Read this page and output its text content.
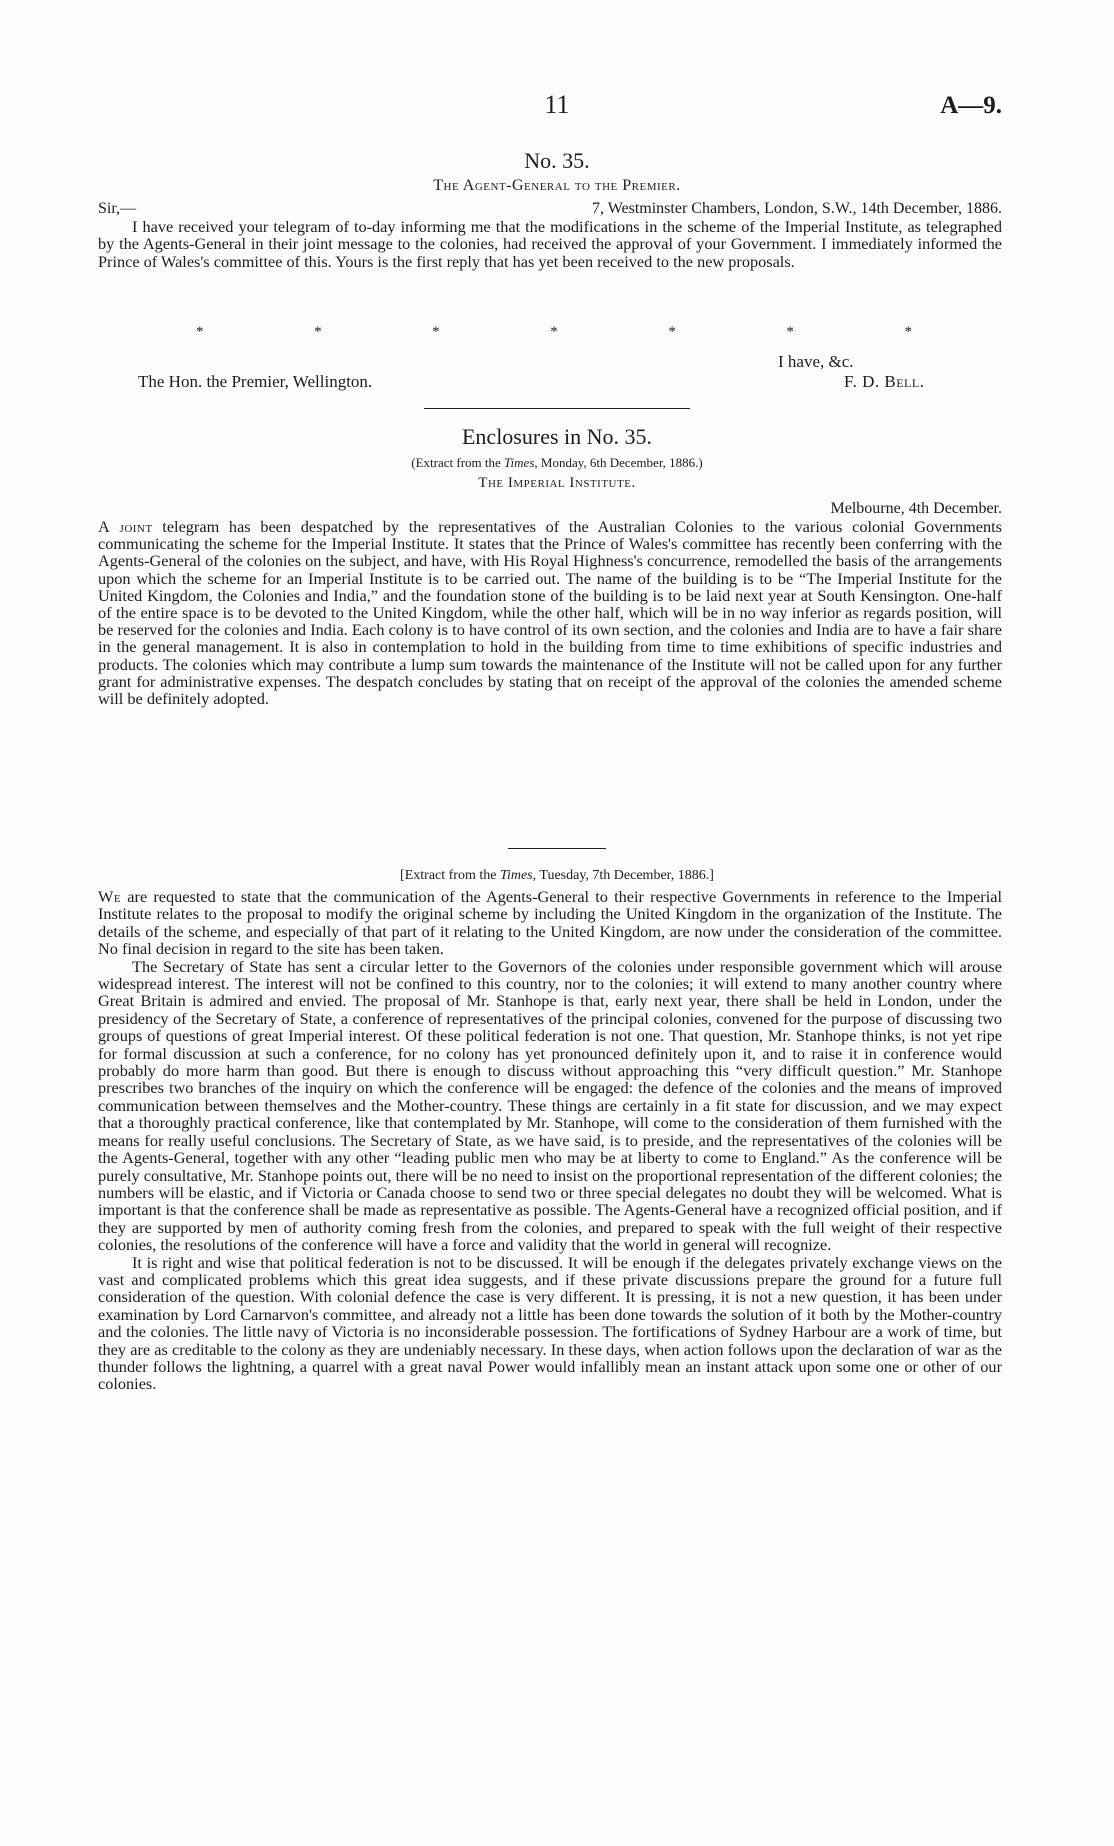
11	A—9.
No. 35.
The Agent-General to the Premier.
Sir,—	7, Westminster Chambers, London, S.W., 14th December, 1886.

I have received your telegram of to-day informing me that the modifications in the scheme of the Imperial Institute, as telegraphed by the Agents-General in their joint message to the colonies, had received the approval of your Government. I immediately informed the Prince of Wales's committee of this. Yours is the first reply that has yet been received to the new proposals.

*	*	*	*	*	*	*
I have, &c.
The Hon. the Premier, Wellington.	F. D. Bell.
Enclosures in No. 35.
(Extract from the Times, Monday, 6th December, 1886.)
The Imperial Institute.
Melbourne, 4th December.

A joint telegram has been despatched by the representatives of the Australian Colonies to the various colonial Governments communicating the scheme for the Imperial Institute. It states that the Prince of Wales's committee has recently been conferring with the Agents-General of the colonies on the subject, and have, with His Royal Highness's concurrence, remodelled the basis of the arrangements upon which the scheme for an Imperial Institute is to be carried out. The name of the building is to be “The Imperial Institute for the United Kingdom, the Colonies and India,” and the foundation stone of the building is to be laid next year at South Kensington. One-half of the entire space is to be devoted to the United Kingdom, while the other half, which will be in no way inferior as regards position, will be reserved for the colonies and India. Each colony is to have control of its own section, and the colonies and India are to have a fair share in the general management. It is also in contemplation to hold in the building from time to time exhibitions of specific industries and products. The colonies which may contribute a lump sum towards the maintenance of the Institute will not be called upon for any further grant for administrative expenses. The despatch concludes by stating that on receipt of the approval of the colonies the amended scheme will be definitely adopted.

[Extract from the Times, Tuesday, 7th December, 1886.]

We are requested to state that the communication of the Agents-General to their respective Governments in reference to the Imperial Institute relates to the proposal to modify the original scheme by including the United Kingdom in the organization of the Institute. The details of the scheme, and especially of that part of it relating to the United Kingdom, are now under the consideration of the committee. No final decision in regard to the site has been taken.

The Secretary of State has sent a circular letter to the Governors of the colonies under responsible government which will arouse widespread interest. The interest will not be confined to this country, nor to the colonies; it will extend to many another country where Great Britain is admired and envied. The proposal of Mr. Stanhope is that, early next year, there shall be held in London, under the presidency of the Secretary of State, a conference of representatives of the principal colonies, convened for the purpose of discussing two groups of questions of great Imperial interest. Of these political federation is not one. That question, Mr. Stanhope thinks, is not yet ripe for formal discussion at such a conference, for no colony has yet pronounced definitely upon it, and to raise it in conference would probably do more harm than good. But there is enough to discuss without approaching this “very difficult question.” Mr. Stanhope prescribes two branches of the inquiry on which the conference will be engaged: the defence of the colonies and the means of improved communication between themselves and the Mother-country. These things are certainly in a fit state for discussion, and we may expect that a thoroughly practical conference, like that contemplated by Mr. Stanhope, will come to the consideration of them furnished with the means for really useful conclusions. The Secretary of State, as we have said, is to preside, and the representatives of the colonies will be the Agents-General, together with any other “leading public men who may be at liberty to come to England.” As the conference will be purely consultative, Mr. Stanhope points out, there will be no need to insist on the proportional representation of the different colonies; the numbers will be elastic, and if Victoria or Canada choose to send two or three special delegates no doubt they will be welcomed. What is important is that the conference shall be made as representative as possible. The Agents-General have a recognized official position, and if they are supported by men of authority coming fresh from the colonies, and prepared to speak with the full weight of their respective colonies, the resolutions of the conference will have a force and validity that the world in general will recognize.

It is right and wise that political federation is not to be discussed. It will be enough if the delegates privately exchange views on the vast and complicated problems which this great idea suggests, and if these private discussions prepare the ground for a future full consideration of the question. With colonial defence the case is very different. It is pressing, it is not a new question, it has been under examination by Lord Carnarvon's committee, and already not a little has been done towards the solution of it both by the Mother-country and the colonies. The little navy of Victoria is no inconsiderable possession. The fortifications of Sydney Harbour are a work of time, but they are as creditable to the colony as they are undeniably necessary. In these days, when action follows upon the declaration of war as the thunder follows the lightning, a quarrel with a great naval Power would infallibly mean an instant attack upon some one or other of our colonies.
